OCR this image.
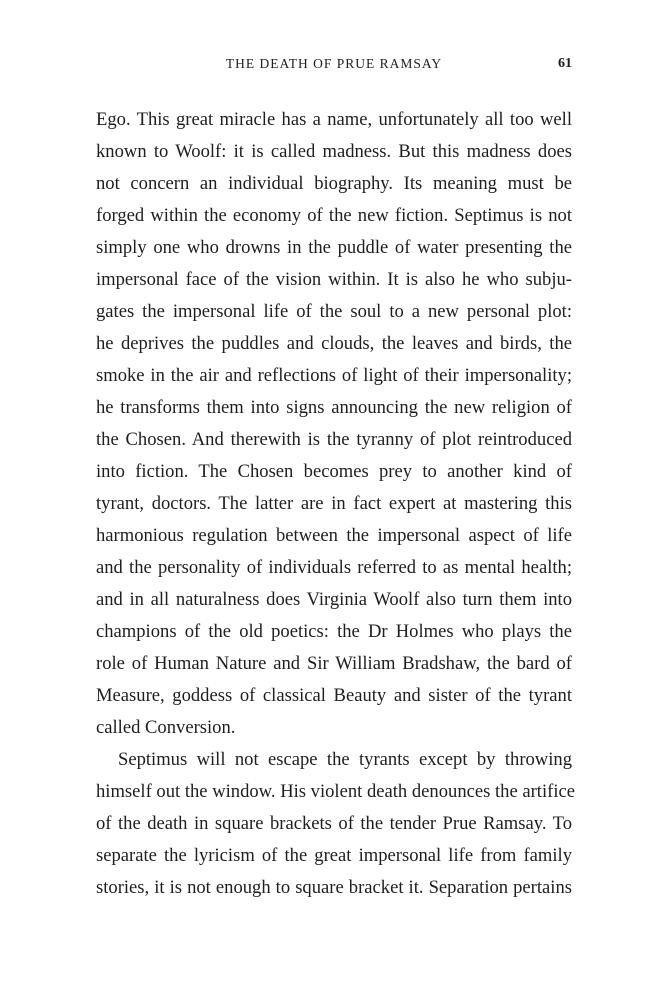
THE DEATH OF PRUE RAMSAY	61
Ego. This great miracle has a name, unfortunately all too well
known to Woolf: it is called madness. But this madness does
not concern an individual biography. Its meaning must be
forged within the economy of the new fiction. Septimus is not
simply one who drowns in the puddle of water presenting the
impersonal face of the vision within. It is also he who subju-
gates the impersonal life of the soul to a new personal plot:
he deprives the puddles and clouds, the leaves and birds, the
smoke in the air and reflections of light of their impersonality;
he transforms them into signs announcing the new religion of
the Chosen. And therewith is the tyranny of plot reintroduced
into fiction. The Chosen becomes prey to another kind of
tyrant, doctors. The latter are in fact expert at mastering this
harmonious regulation between the impersonal aspect of life
and the personality of individuals referred to as mental health;
and in all naturalness does Virginia Woolf also turn them into
champions of the old poetics: the Dr Holmes who plays the
role of Human Nature and Sir William Bradshaw, the bard of
Measure, goddess of classical Beauty and sister of the tyrant
called Conversion.
Septimus will not escape the tyrants except by throwing
himself out the window. His violent death denounces the artifice
of the death in square brackets of the tender Prue Ramsay. To
separate the lyricism of the great impersonal life from family
stories, it is not enough to square bracket it. Separation pertains
